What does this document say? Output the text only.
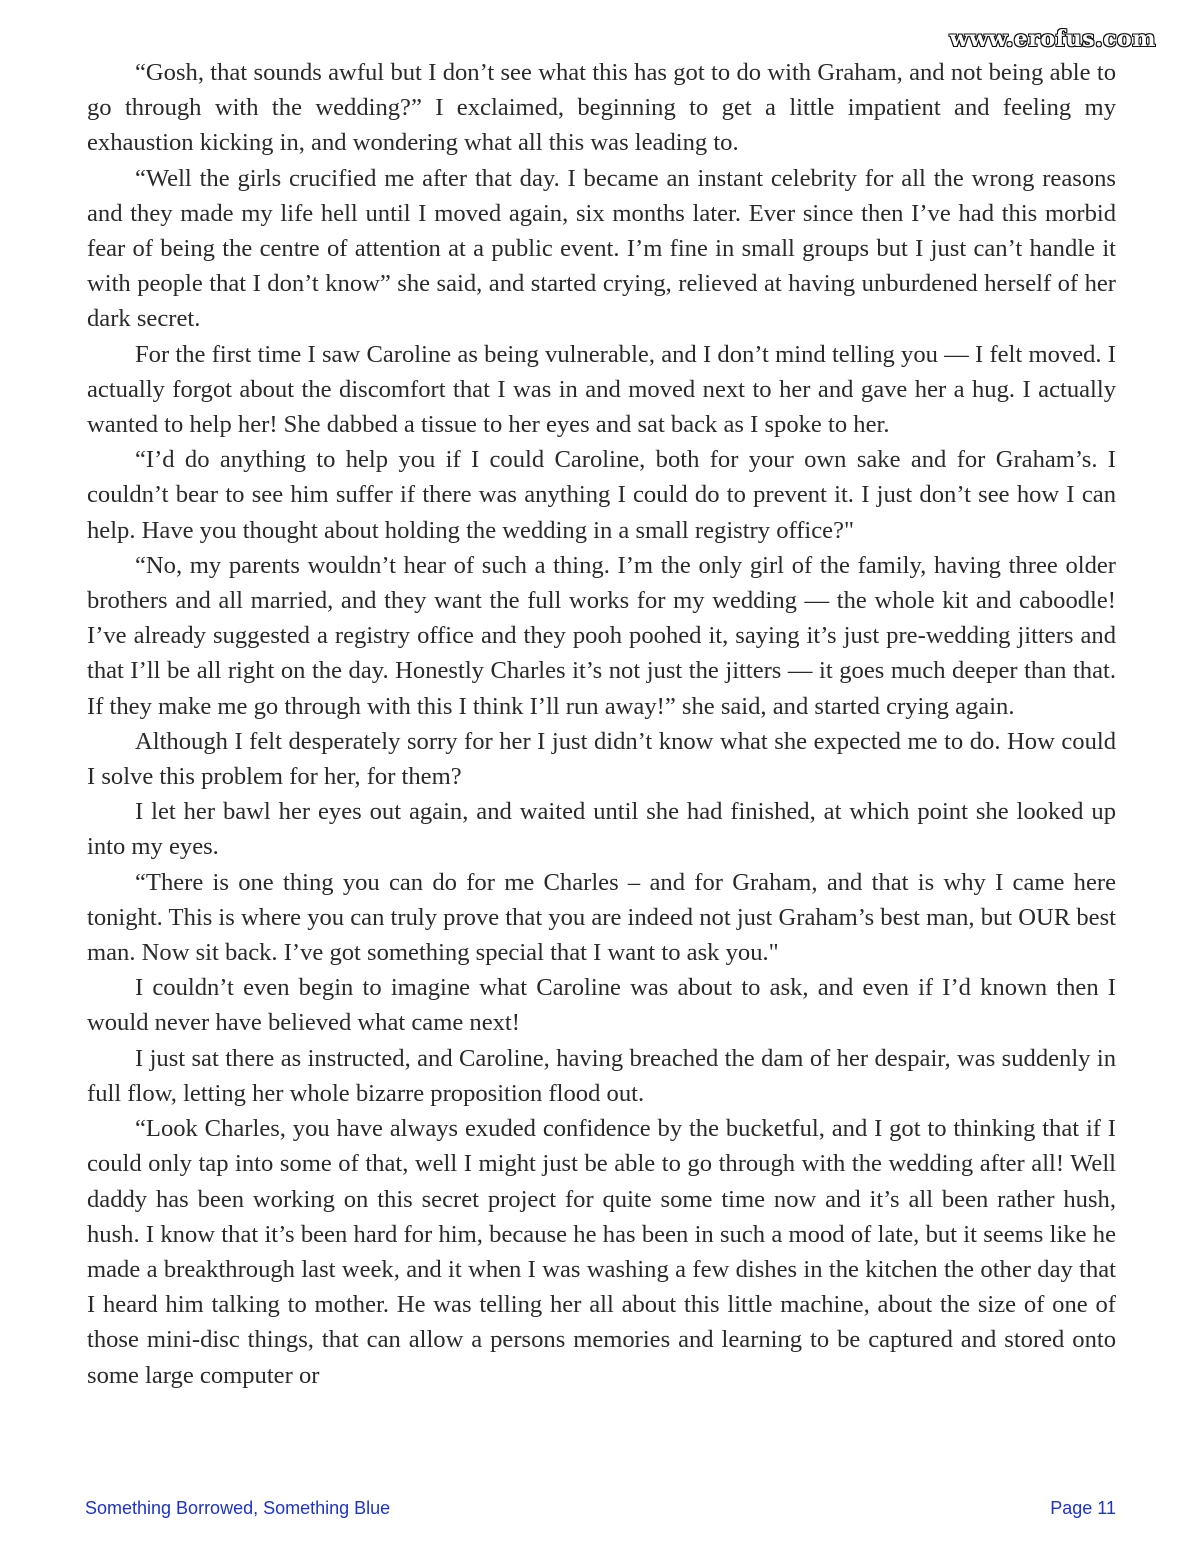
www.erofus.com

“Gosh, that sounds awful but I don’t see what this has got to do with Graham, and not being able to go through with the wedding?” I exclaimed, beginning to get a little impatient and feeling my exhaustion kicking in, and wondering what all this was leading to.

“Well the girls crucified me after that day. I became an instant celebrity for all the wrong reasons and they made my life hell until I moved again, six months later. Ever since then I’ve had this morbid fear of being the centre of attention at a public event. I’m fine in small groups but I just can’t handle it with people that I don’t know” she said, and started crying, relieved at having unburdened herself of her dark secret.

For the first time I saw Caroline as being vulnerable, and I don’t mind telling you — I felt moved. I actually forgot about the discomfort that I was in and moved next to her and gave her a hug. I actually wanted to help her! She dabbed a tissue to her eyes and sat back as I spoke to her.

“I’d do anything to help you if I could Caroline, both for your own sake and for Graham’s. I couldn’t bear to see him suffer if there was anything I could do to prevent it. I just don’t see how I can help. Have you thought about holding the wedding in a small registry office?"

“No, my parents wouldn’t hear of such a thing. I’m the only girl of the family, having three older brothers and all married, and they want the full works for my wedding — the whole kit and caboodle! I’ve already suggested a registry office and they pooh poohed it, saying it’s just pre-wedding jitters and that I’ll be all right on the day. Honestly Charles it’s not just the jitters — it goes much deeper than that. If they make me go through with this I think I’ll run away!” she said, and started crying again.

Although I felt desperately sorry for her I just didn’t know what she expected me to do. How could I solve this problem for her, for them?

I let her bawl her eyes out again, and waited until she had finished, at which point she looked up into my eyes.

“There is one thing you can do for me Charles – and for Graham, and that is why I came here tonight. This is where you can truly prove that you are indeed not just Graham’s best man, but OUR best man. Now sit back. I’ve got something special that I want to ask you."

I couldn’t even begin to imagine what Caroline was about to ask, and even if I’d known then I would never have believed what came next!

I just sat there as instructed, and Caroline, having breached the dam of her despair, was suddenly in full flow, letting her whole bizarre proposition flood out.

“Look Charles, you have always exuded confidence by the bucketful, and I got to thinking that if I could only tap into some of that, well I might just be able to go through with the wedding after all! Well daddy has been working on this secret project for quite some time now and it’s all been rather hush, hush. I know that it’s been hard for him, because he has been in such a mood of late, but it seems like he made a breakthrough last week, and it when I was washing a few dishes in the kitchen the other day that I heard him talking to mother. He was telling her all about this little machine, about the size of one of those mini-disc things, that can allow a persons memories and learning to be captured and stored onto some large computer or

Something Borrowed, Something Blue	Page 11
